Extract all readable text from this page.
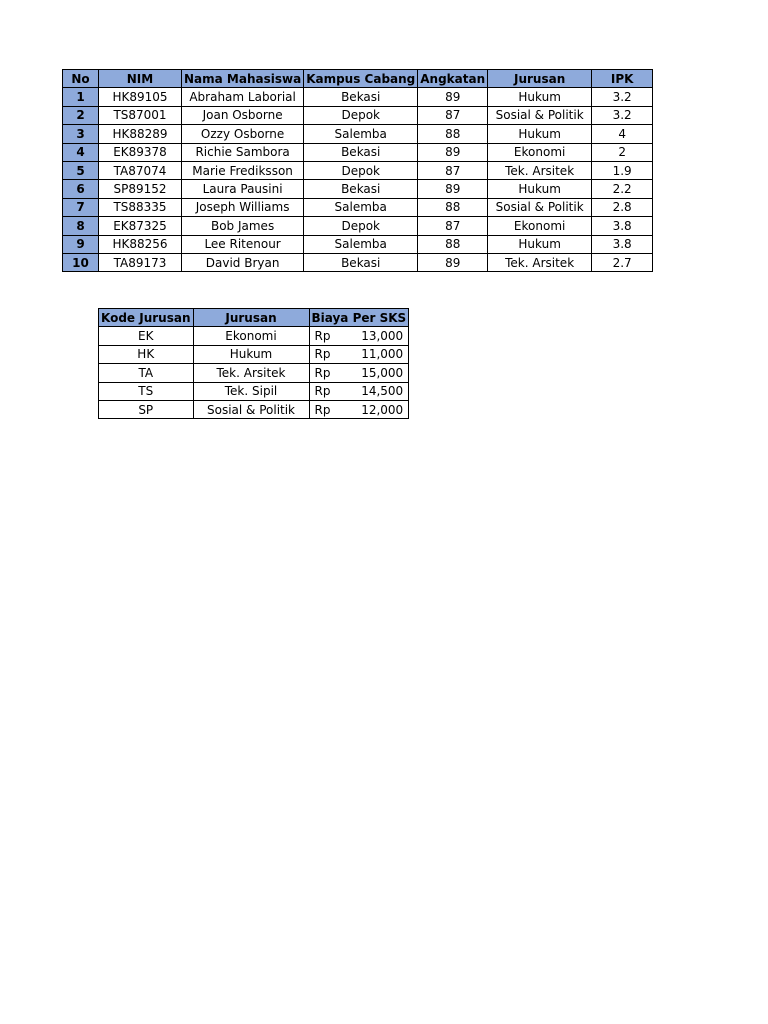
No	NIM	Nama Mahasiswa	Kampus Cabang	Angkatan	Jurusan	IPK
1	HK89105	Abraham Laborial	Bekasi	89	Hukum	3.2
2	TS87001	Joan Osborne	Depok	87	Sosial & Politik	3.2
3	HK88289	Ozzy Osborne	Salemba	88	Hukum	4
4	EK89378	Richie Sambora	Bekasi	89	Ekonomi	2
5	TA87074	Marie Frediksson	Depok	87	Tek. Arsitek	1.9
6	SP89152	Laura Pausini	Bekasi	89	Hukum	2.2
7	TS88335	Joseph Williams	Salemba	88	Sosial & Politik	2.8
8	EK87325	Bob James	Depok	87	Ekonomi	3.8
9	HK88256	Lee Ritenour	Salemba	88	Hukum	3.8
10	TA89173	David Bryan	Bekasi	89	Tek. Arsitek	2.7
Kode Jurusan	Jurusan	Biaya Per SKS
EK	Ekonomi	Rp 13,000

HK	Hukum	Rp 11,000

TA	Tek. Arsitek	Rp 15,000

TS	Tek. Sipil	Rp 14,500

SP	Sosial & Politik	Rp 12,000
